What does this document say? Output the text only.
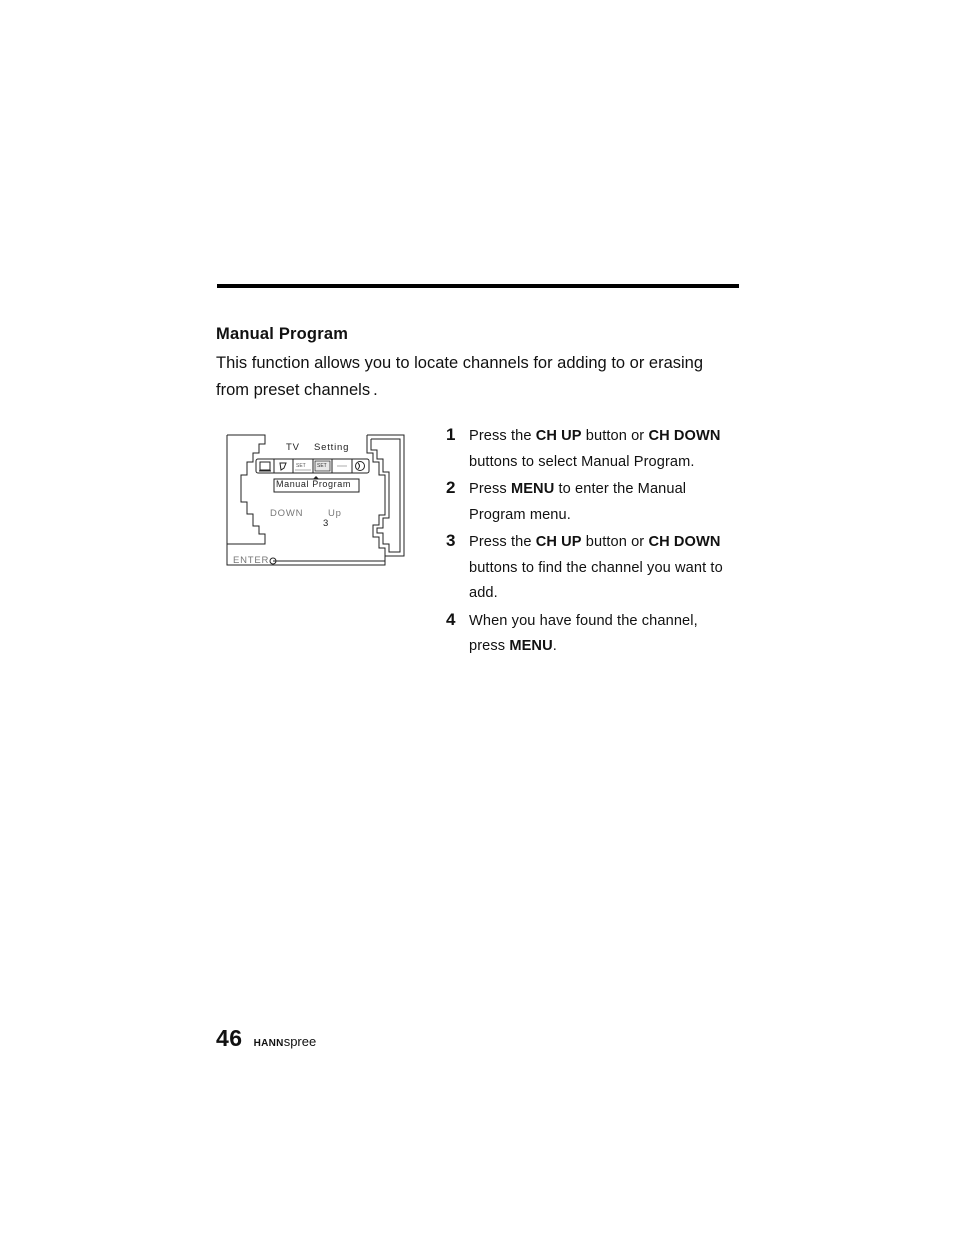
Manual Program

This function allows you to locate channels for adding to or erasing

from preset channels .

SET SET
TV Setting
Manual Program
DOWN	Up
3
ENTER
1 Press the CH UP button or CH DOWN buttons to select Manual Program.
2 Press MENU to enter the Manual Program menu.
3 Press the CH UP button or CH DOWN buttons to find the channel you want to add.
4 When you have found the channel, press MENU.
46 HANNspree
